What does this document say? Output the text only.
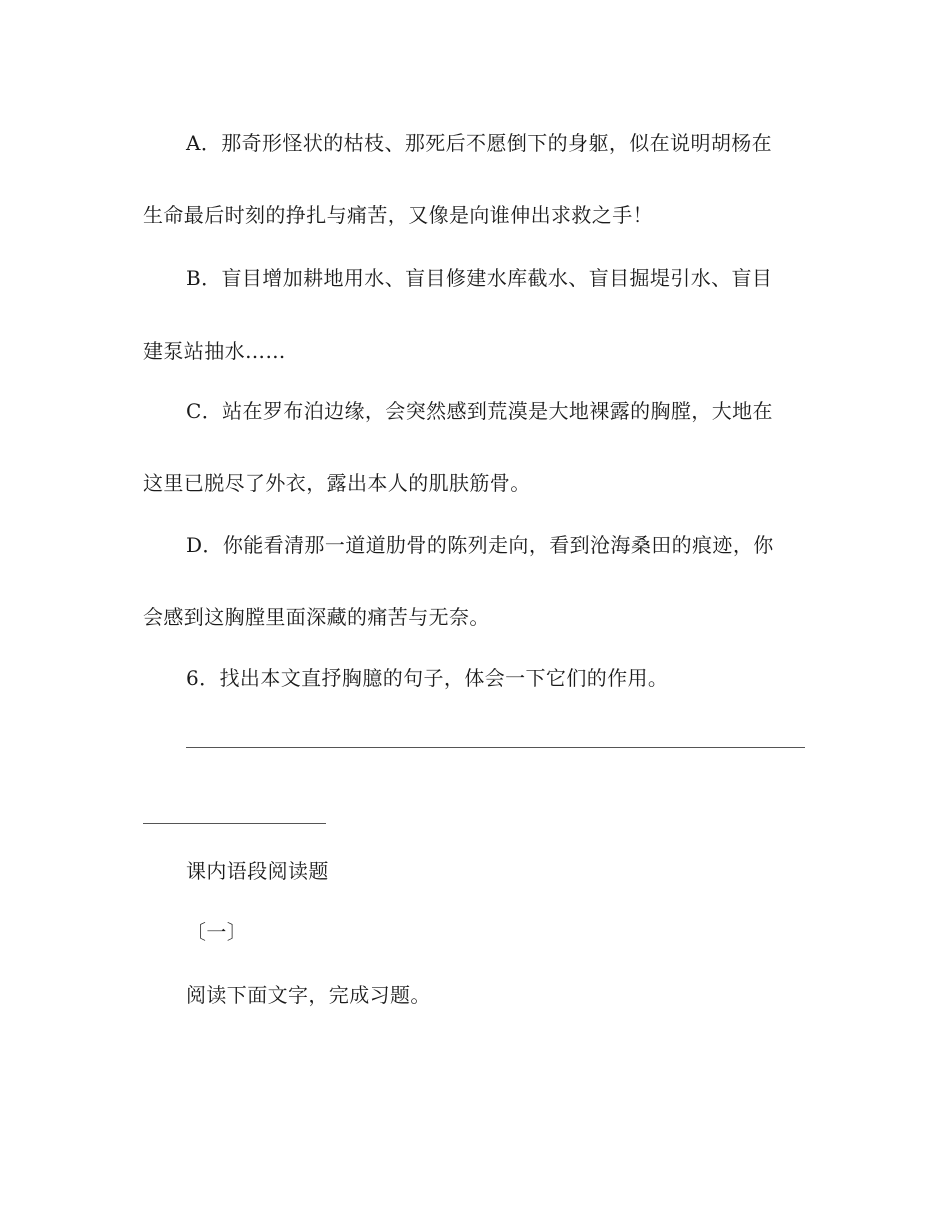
A．那奇形怪状的枯枝、那死后不愿倒下的身躯，似在说明胡杨在
生命最后时刻的挣扎与痛苦，又像是向谁伸出求救之手！
B．盲目增加耕地用水、盲目修建水库截水、盲目掘堤引水、盲目
建泵站抽水……
C．站在罗布泊边缘，会突然感到荒漠是大地裸露的胸膛，大地在
这里已脱尽了外衣，露出本人的肌肤筋骨。
D．你能看清那一道道肋骨的陈列走向，看到沧海桑田的痕迹，你
会感到这胸膛里面深藏的痛苦与无奈。
6．找出本文直抒胸臆的句子，体会一下它们的作用。
课内语段阅读题
〔一〕
阅读下面文字，完成习题。
